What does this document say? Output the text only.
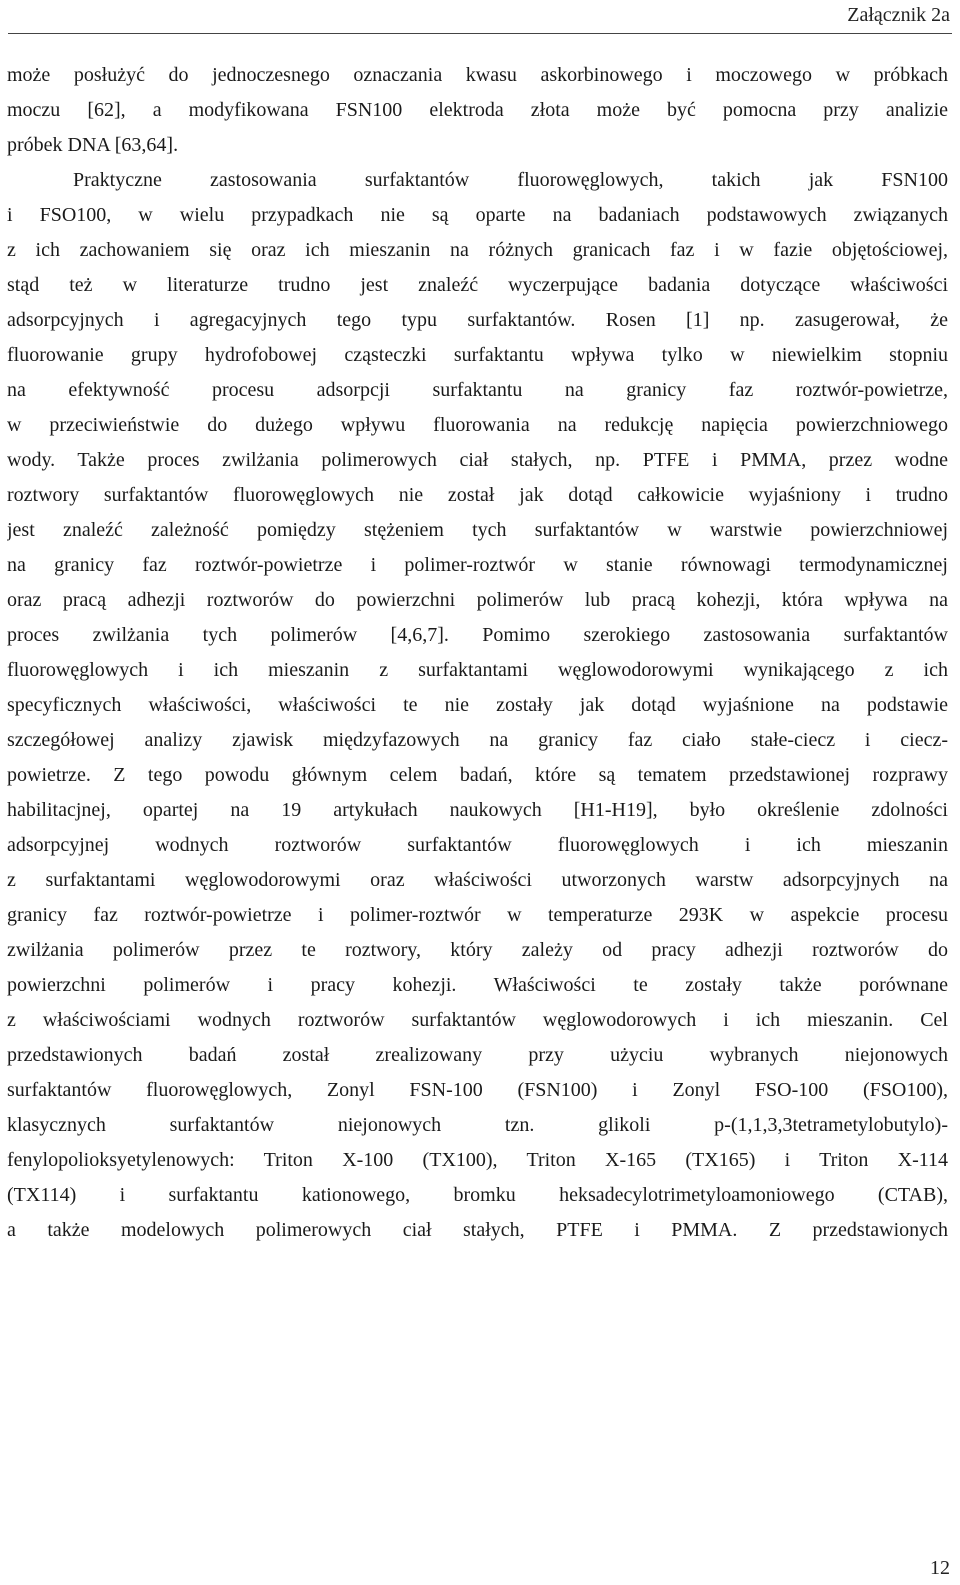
Załącznik 2a
może posłużyć do jednoczesnego oznaczania kwasu askorbinowego i moczowego w próbkach
moczu [62], a modyfikowana FSN100 elektroda złota może być pomocna przy analizie
próbek DNA [63,64].
Praktyczne zastosowania surfaktantów fluorowęglowych, takich jak FSN100
i FSO100, w wielu przypadkach nie są oparte na badaniach podstawowych związanych
z ich zachowaniem się oraz ich mieszanin na różnych granicach faz i w fazie objętościowej,
stąd też w literaturze trudno jest znaleźć wyczerpujące badania dotyczące właściwości
adsorpcyjnych i agregacyjnych tego typu surfaktantów. Rosen [1] np. zasugerował, że
fluorowanie grupy hydrofobowej cząsteczki surfaktantu wpływa tylko w niewielkim stopniu
na efektywność procesu adsorpcji surfaktantu na granicy faz roztwór-powietrze,
w przeciwieństwie do dużego wpływu fluorowania na redukcję napięcia powierzchniowego
wody. Także proces zwilżania polimerowych ciał stałych, np. PTFE i PMMA, przez wodne
roztwory surfaktantów fluorowęglowych nie został jak dotąd całkowicie wyjaśniony i trudno
jest znaleźć zależność pomiędzy stężeniem tych surfaktantów w warstwie powierzchniowej
na granicy faz roztwór-powietrze i polimer-roztwór w stanie równowagi termodynamicznej
oraz pracą adhezji roztworów do powierzchni polimerów lub pracą kohezji, która wpływa na
proces zwilżania tych polimerów [4,6,7]. Pomimo szerokiego zastosowania surfaktantów
fluorowęglowych i ich mieszanin z surfaktantami węglowodorowymi wynikającego z ich
specyficznych właściwości, właściwości te nie zostały jak dotąd wyjaśnione na podstawie
szczegółowej analizy zjawisk międzyfazowych na granicy faz ciało stałe-ciecz i ciecz-
powietrze. Z tego powodu głównym celem badań, które są tematem przedstawionej rozprawy
habilitacjnej, opartej na 19 artykułach naukowych [H1-H19], było określenie zdolności
adsorpcyjnej wodnych roztworów surfaktantów fluorowęglowych i ich mieszanin
z surfaktantami węglowodorowymi oraz właściwości utworzonych warstw adsorpcyjnych na
granicy faz roztwór-powietrze i polimer-roztwór w temperaturze 293K w aspekcie procesu
zwilżania polimerów przez te roztwory, który zależy od pracy adhezji roztworów do
powierzchni polimerów i pracy kohezji. Właściwości te zostały także porównane
z właściwościami wodnych roztworów surfaktantów węglowodorowych i ich mieszanin. Cel
przedstawionych badań został zrealizowany przy użyciu wybranych niejonowych
surfaktantów fluorowęglowych, Zonyl FSN-100 (FSN100) i Zonyl FSO-100 (FSO100),
klasycznych surfaktantów niejonowych tzn. glikoli p-(1,1,3,3tetrametylobutylo)-
fenylopolioksyetylenowych: Triton X-100 (TX100), Triton X-165 (TX165) i Triton X-114
(TX114) i surfaktantu kationowego, bromku heksadecylotrimetyloamoniowego (CTAB),
a także modelowych polimerowych ciał stałych, PTFE i PMMA. Z przedstawionych
12
